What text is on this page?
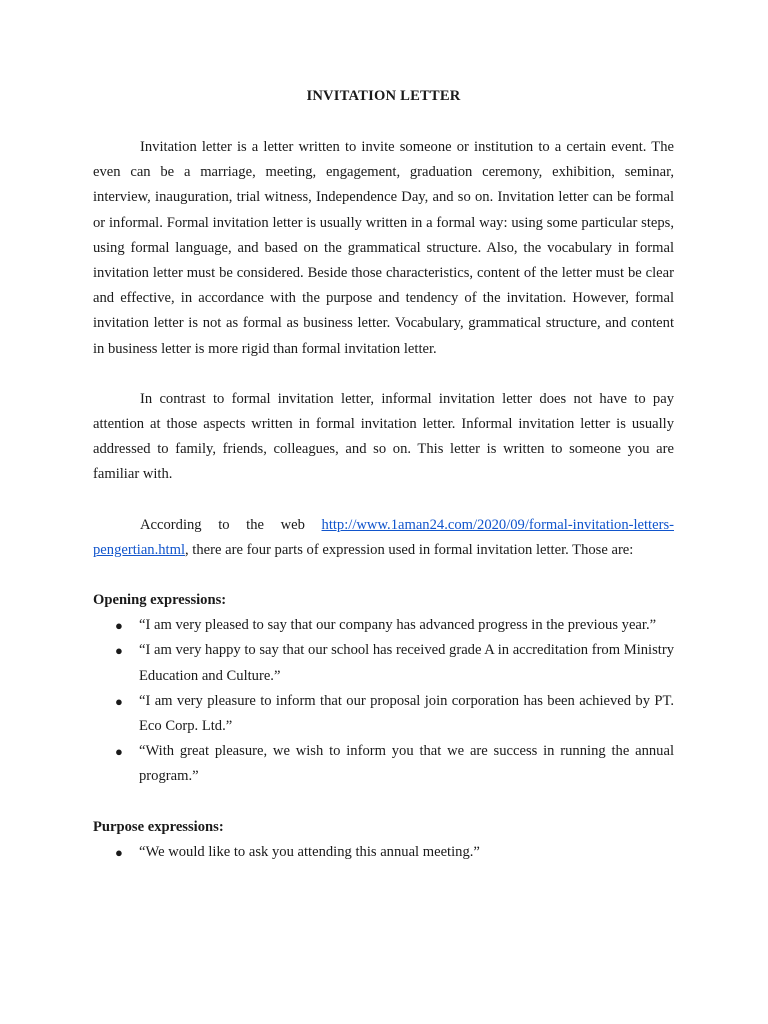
INVITATION LETTER

Invitation letter is a letter written to invite someone or institution to a certain event. The even can be a marriage, meeting, engagement, graduation ceremony, exhibition, seminar, interview, inauguration, trial witness, Independence Day, and so on. Invitation letter can be formal or informal. Formal invitation letter is usually written in a formal way: using some particular steps, using formal language, and based on the grammatical structure. Also, the vocabulary in formal invitation letter must be considered. Beside those characteristics, content of the letter must be clear and effective, in accordance with the purpose and tendency of the invitation. However, formal invitation letter is not as formal as business letter. Vocabulary, grammatical structure, and content in business letter is more rigid than formal invitation letter.

In contrast to formal invitation letter, informal invitation letter does not have to pay attention at those aspects written in formal invitation letter. Informal invitation letter is usually addressed to family, friends, colleagues, and so on. This letter is written to someone you are familiar with.

According to the web http://www.1aman24.com/2020/09/formal-invitation-letters-pengertian.html, there are four parts of expression used in formal invitation letter. Those are:

Opening expressions:

● “I am very pleased to say that our company has advanced progress in the previous year.”
● “I am very happy to say that our school has received grade A in accreditation from Ministry Education and Culture.”
● “I am very pleasure to inform that our proposal join corporation has been achieved by PT. Eco Corp. Ltd.”
● “With great pleasure, we wish to inform you that we are success in running the annual program.”

Purpose expressions:

● “We would like to ask you attending this annual meeting.”
